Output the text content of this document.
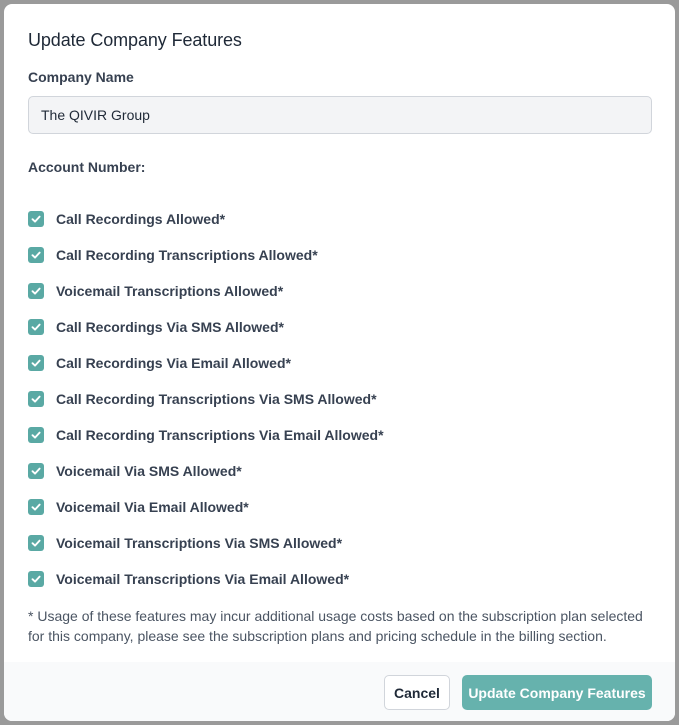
Update Company Features
Company Name
The QIVIR Group
Account Number:
Call Recordings Allowed*
Call Recording Transcriptions Allowed*
Voicemail Transcriptions Allowed*
Call Recordings Via SMS Allowed*
Call Recordings Via Email Allowed*
Call Recording Transcriptions Via SMS Allowed*
Call Recording Transcriptions Via Email Allowed*
Voicemail Via SMS Allowed*
Voicemail Via Email Allowed*
Voicemail Transcriptions Via SMS Allowed*
Voicemail Transcriptions Via Email Allowed*

* Usage of these features may incur additional usage costs based on the subscription plan selected for this company, please see the subscription plans and pricing schedule in the billing section.

Cancel	Update Company Features
